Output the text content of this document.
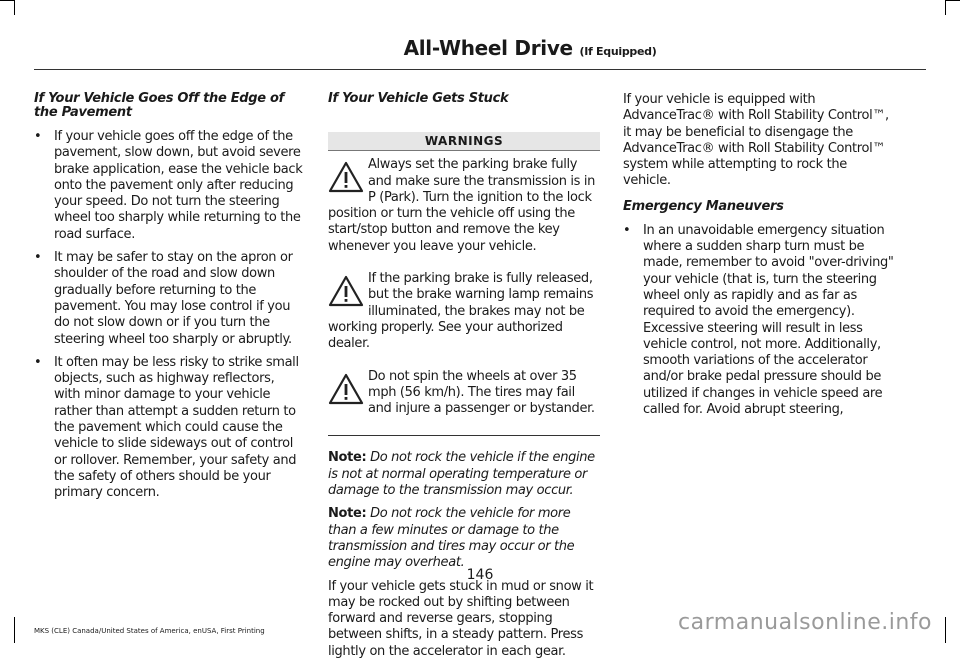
All-Wheel Drive (If Equipped)
If Your Vehicle Goes Off the Edge of the Pavement
• If your vehicle goes off the edge of the pavement, slow down, but avoid severe brake application, ease the vehicle back onto the pavement only after reducing your speed. Do not turn the steering wheel too sharply while returning to the road surface.
• It may be safer to stay on the apron or shoulder of the road and slow down gradually before returning to the pavement. You may lose control if you do not slow down or if you turn the steering wheel too sharply or abruptly.
• It often may be less risky to strike small objects, such as highway reflectors, with minor damage to your vehicle rather than attempt a sudden return to the pavement which could cause the vehicle to slide sideways out of control or rollover. Remember, your safety and the safety of others should be your primary concern.
If Your Vehicle Gets Stuck
WARNINGS
Always set the parking brake fully and make sure the transmission is in P (Park). Turn the ignition to the lock position or turn the vehicle off using the start/stop button and remove the key whenever you leave your vehicle.
If the parking brake is fully released, but the brake warning lamp remains illuminated, the brakes may not be working properly. See your authorized dealer.
Do not spin the wheels at over 35 mph (56 km/h). The tires may fail and injure a passenger or bystander.

Note: Do not rock the vehicle if the engine is not at normal operating temperature or damage to the transmission may occur.

Note: Do not rock the vehicle for more than a few minutes or damage to the transmission and tires may occur or the engine may overheat.

If your vehicle gets stuck in mud or snow it may be rocked out by shifting between forward and reverse gears, stopping between shifts, in a steady pattern. Press lightly on the accelerator in each gear.

If your vehicle is equipped with AdvanceTrac® with Roll Stability Control™, it may be beneficial to disengage the AdvanceTrac® with Roll Stability Control™ system while attempting to rock the vehicle.

Emergency Maneuvers
• In an unavoidable emergency situation where a sudden sharp turn must be made, remember to avoid "over-driving" your vehicle (that is, turn the steering wheel only as rapidly and as far as required to avoid the emergency). Excessive steering will result in less vehicle control, not more. Additionally, smooth variations of the accelerator and/or brake pedal pressure should be utilized if changes in vehicle speed are called for. Avoid abrupt steering,
146
MKS (CLE) Canada/United States of America, enUSA, First Printing	carmanualsonline.info
